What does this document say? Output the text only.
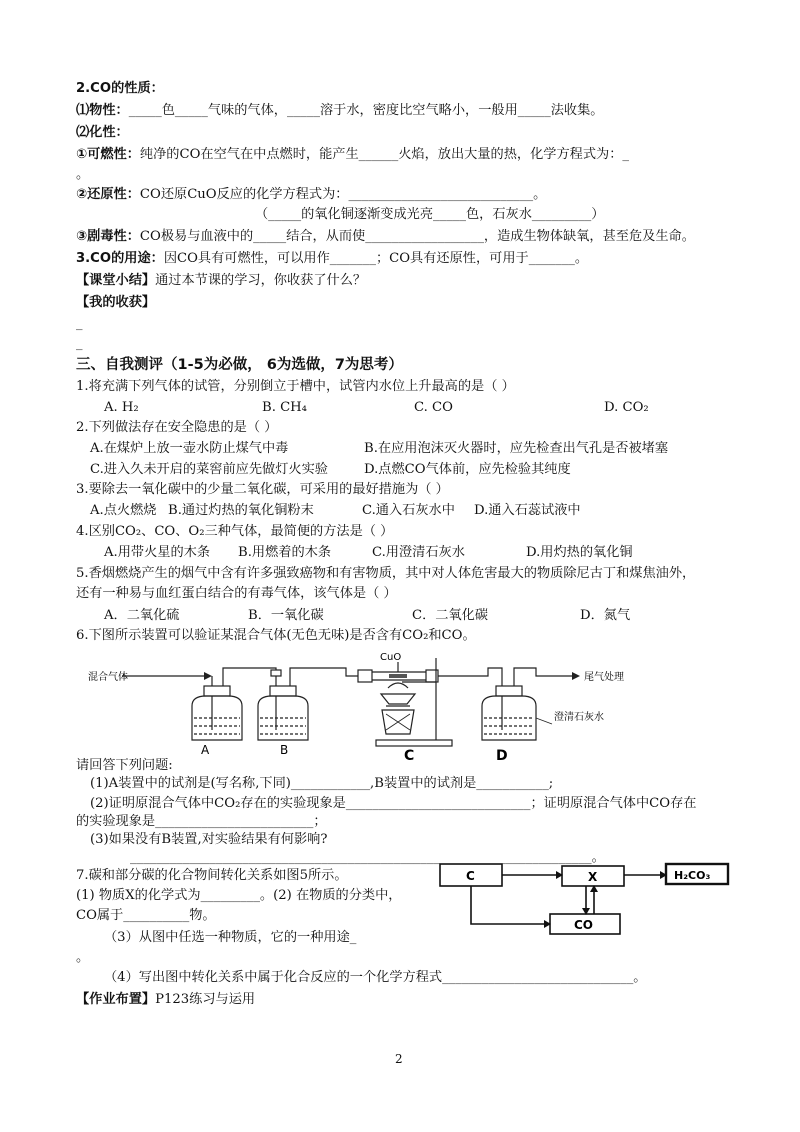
2.CO的性质：
⑴物性：_____色_____气味的气体，_____溶于水，密度比空气略小，一般用_____法收集。
⑵化性：
①可燃性：纯净的CO在空气在中点燃时，能产生______火焰，放出大量的热，化学方程式为：_
。
②还原性：CO还原CuO反应的化学方程式为：____________________________。
（_____的氧化铜逐渐变成光亮_____色，石灰水_________）
③剧毒性：CO极易与血液中的_____结合，从而使__________________，造成生物体缺氧，甚至危及生命。
3.CO的用途：因CO具有可燃性，可以用作_______；CO具有还原性，可用于_______。
【课堂小结】通过本节课的学习，你收获了什么？
【我的收获】
_
_
三、自我测评（1-5为必做， 6为选做，7为思考）
1.将充满下列气体的试管，分别倒立于槽中，试管内水位上升最高的是（ ）
A. H₂	B. CH₄	C. CO	D. CO₂
2.下列做法存在安全隐患的是（ ）
A.在煤炉上放一壶水防止煤气中毒	B.在应用泡沫灭火器时，应先检查出气孔是否被堵塞
C.进入久未开启的菜窖前应先做灯火实验	D.点燃CO气体前，应先检验其纯度
3.要除去一氧化碳中的少量二氧化碳，可采用的最好措施为（ ）
A.点火燃烧 B.通过灼热的氧化铜粉末	C.通入石灰水中 D.通入石蕊试液中
4.区别CO₂、CO、O₂三种气体，最简便的方法是（ ）
A.用带火星的木条 B.用燃着的木条	C.用澄清石灰水	D.用灼热的氧化铜
5.香烟燃烧产生的烟气中含有许多强致癌物和有害物质，其中对人体危害最大的物质除尼古丁和煤焦油外，
还有一种易与血红蛋白结合的有毒气体，该气体是（ ）
A．二氧化硫	B．一氧化碳	C．二氧化碳	D．氮气
6.下图所示装置可以验证某混合气体(无色无味)是否含有CO₂和CO。
混合气体
CuO
尾气处理
澄清石灰水
A	B	C	D
请回答下列问题:
(1)A装置中的试剂是(写名称,下同)____________,B装置中的试剂是___________;
(2)证明原混合气体中CO₂存在的实验现象是____________________________；证明原混合气体中CO存在
的实验现象是________________________；
(3)如果没有B装置,对实验结果有何影响?
______________________________________________________________________。
7.碳和部分碳的化合物间转化关系如图5所示。
(1) 物质X的化学式为_________。(2) 在物质的分类中，
CO属于__________物。
（3）从图中任选一种物质，它的一种用途_
。
（4）写出图中转化关系中属于化合反应的一个化学方程式_____________________________。
C	X	H₂CO₃
CO
【作业布置】P123练习与运用
2
